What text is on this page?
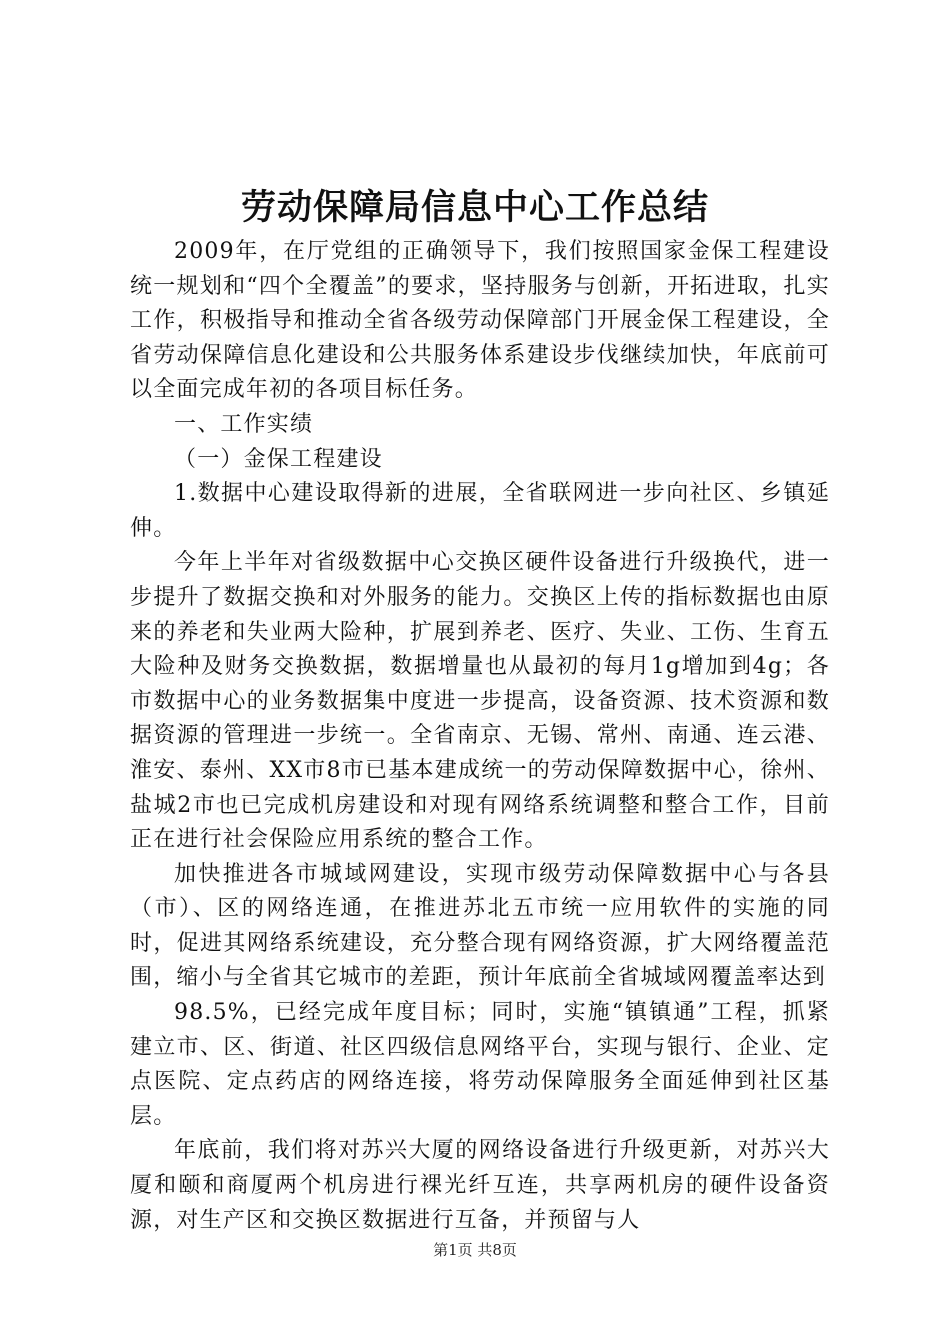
劳动保障局信息中心工作总结

2009年，在厅党组的正确领导下，我们按照国家金保工程建设统一规划和“四个全覆盖”的要求，坚持服务与创新，开拓进取，扎实工作，积极指导和推动全省各级劳动保障部门开展金保工程建设，全省劳动保障信息化建设和公共服务体系建设步伐继续加快，年底前可以全面完成年初的各项目标任务。

一、工作实绩

（一）金保工程建设

1.数据中心建设取得新的进展，全省联网进一步向社区、乡镇延伸。

今年上半年对省级数据中心交换区硬件设备进行升级换代，进一步提升了数据交换和对外服务的能力。交换区上传的指标数据也由原来的养老和失业两大险种，扩展到养老、医疗、失业、工伤、生育五大险种及财务交换数据，数据增量也从最初的每月1g增加到4g；各市数据中心的业务数据集中度进一步提高，设备资源、技术资源和数据资源的管理进一步统一。全省南京、无锡、常州、南通、连云港、淮安、泰州、XX市8市已基本建成统一的劳动保障数据中心，徐州、盐城2市也已完成机房建设和对现有网络系统调整和整合工作，目前正在进行社会保险应用系统的整合工作。

加快推进各市城域网建设，实现市级劳动保障数据中心与各县（市）、区的网络连通，在推进苏北五市统一应用软件的实施的同时，促进其网络系统建设，充分整合现有网络资源，扩大网络覆盖范围，缩小与全省其它城市的差距，预计年底前全省城域网覆盖率达到

98.5%，已经完成年度目标；同时，实施“镇镇通”工程，抓紧建立市、区、街道、社区四级信息网络平台，实现与银行、企业、定点医院、定点药店的网络连接，将劳动保障服务全面延伸到社区基层。

年底前，我们将对苏兴大厦的网络设备进行升级更新，对苏兴大厦和颐和商厦两个机房进行裸光纤互连，共享两机房的硬件设备资源，对生产区和交换区数据进行互备，并预留与人

第1页 共8页
